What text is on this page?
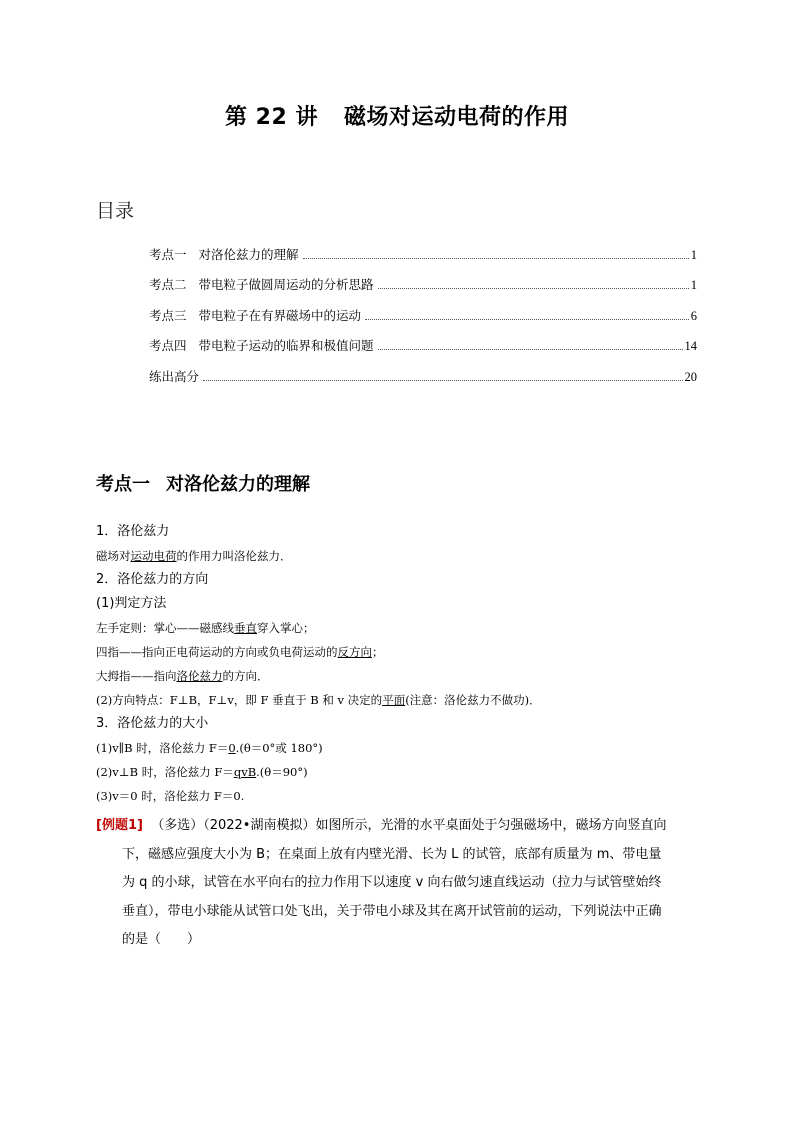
第 22 讲 磁场对运动电荷的作用
目录
考点一 对洛伦兹力的理解	1
考点二 带电粒子做圆周运动的分析思路	1
考点三 带电粒子在有界磁场中的运动	6
考点四 带电粒子运动的临界和极值问题	14
练出高分	20
考点一 对洛伦兹力的理解
1．洛伦兹力
磁场对运动电荷的作用力叫洛伦兹力．
2．洛伦兹力的方向
(1)判定方法
左手定则：掌心——磁感线垂直穿入掌心；
四指——指向正电荷运动的方向或负电荷运动的反方向；
大拇指——指向洛伦兹力的方向．
(2)方向特点：F⊥B，F⊥v，即 F 垂直于 B 和 v 决定的平面(注意：洛伦兹力不做功)．
3．洛伦兹力的大小
(1)v∥B 时，洛伦兹力 F＝0.(θ＝0°或 180°)
(2)v⊥B 时，洛伦兹力 F＝qvB.(θ＝90°)
(3)v＝0 时，洛伦兹力 F＝0.
[例题1] （多选）（2022•湖南模拟）如图所示，光滑的水平桌面处于匀强磁场中，磁场方向竖直向
下，磁感应强度大小为 B；在桌面上放有内壁光滑、长为 L 的试管，底部有质量为 m、带电量
为 q 的小球，试管在水平向右的拉力作用下以速度 v 向右做匀速直线运动（拉力与试管壁始终
垂直），带电小球能从试管口处飞出，关于带电小球及其在离开试管前的运动，下列说法中正确
的是（　　）
